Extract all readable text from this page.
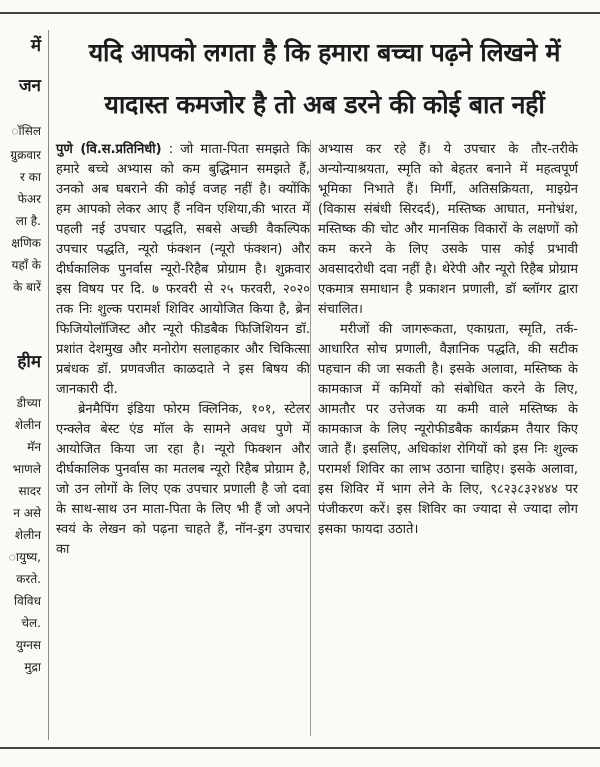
में
जन
ॉसिल
ग्रुक्रवार
र का
फेअर
ला है.
क्षणिक
यहाँ के
के बारें
हीम
डीच्या
शेलीन
मॅन
भाणले
सादर
न असे
शेलीन
ायुष्य,
करते.
विविध
चेल.
युग्नस
मुद्रा
यदि आपको लगता है कि हमारा बच्चा पढ़ने लिखने में
यादास्त कमजोर है तो अब डरने की कोई बात नहीं

पुणे (वि.स.प्रतिनिधी) : जो माता-पिता समझते कि हमारे बच्चे अभ्यास को कम बुद्धिमान समझते हैं, उनको अब घबराने की कोई वजह नहीं है। क्योंकि हम आपको लेकर आए हैं नविन एशिया,की भारत में पहली नई उपचार पद्धति, सबसे अच्छी वैकल्पिक उपचार पद्धति, न्यूरो फंक्शन (न्यूरो फंक्शन) और दीर्घकालिक पुनर्वास न्यूरो-रिहैब प्रोग्राम है। शुक्रवार इस विषय पर दि. ७ फरवरी से २५ फरवरी, २०२० तक निः शुल्क परामर्श शिविर आयोजित किया है, ब्रेन फिजियोलॉजिस्ट और न्यूरो फीडबैक फिजिशियन डॉ. प्रशांत देशमुख और मनोरोग सलाहकार और चिकित्सा प्रबंधक डॉ. प्रणवजीत काळदाते ने इस बिषय की जानकारी दी.

ब्रेनमैपिंग इंडिया फोरम क्लिनिक, १०१, स्टेलर एन्क्लेव बेस्ट एंड मॉल के सामने अवध पुणे में आयोजित किया जा रहा है। न्यूरो फिक्शन और दीर्घकालिक पुनर्वास का मतलब न्यूरो रिहैब प्रोग्राम है, जो उन लोगों के लिए एक उपचार प्रणाली है जो दवा के साथ-साथ उन माता-पिता के लिए भी हैं जो अपने स्वयं के लेखन को पढ़ना चाहते हैं, नॉन-ड्रग उपचार का

अभ्यास कर रहे हैं। ये उपचार के तौर-तरीके अन्योन्याश्रयता, स्मृति को बेहतर बनाने में महत्वपूर्ण भूमिका निभाते हैं। मिर्गी, अतिसक्रियता, माइग्रेन (विकास संबंधी सिरदर्द), मस्तिष्क आघात, मनोभ्रंश, मस्तिष्क की चोट और मानसिक विकारों के लक्षणों को कम करने के लिए उसके पास कोई प्रभावी अवसादरोधी दवा नहीं है। थेरेपी और न्यूरो रिहैब प्रोग्राम एकमात्र समाधान है प्रकाशन प्रणाली, डॉ ब्लॉगर द्वारा संचालित।

मरीजों की जागरूकता, एकाग्रता, स्मृति, तर्क-आधारित सोच प्रणाली, वैज्ञानिक पद्धति, की सटीक पहचान की जा सकती है। इसके अलावा, मस्तिष्क के कामकाज में कमियों को संबोधित करने के लिए, आमतौर पर उत्तेजक या कमी वाले मस्तिष्क के कामकाज के लिए न्यूरोफीडबैक कार्यक्रम तैयार किए जाते हैं। इसलिए, अधिकांश रोगियों को इस निः शुल्क परामर्श शिविर का लाभ उठाना चाहिए। इसके अलावा, इस शिविर में भाग लेने के लिए, ९८२३८३२४४४ पर पंजीकरण करें। इस शिविर का ज्यादा से ज्यादा लोग इसका फायदा उठाते।
